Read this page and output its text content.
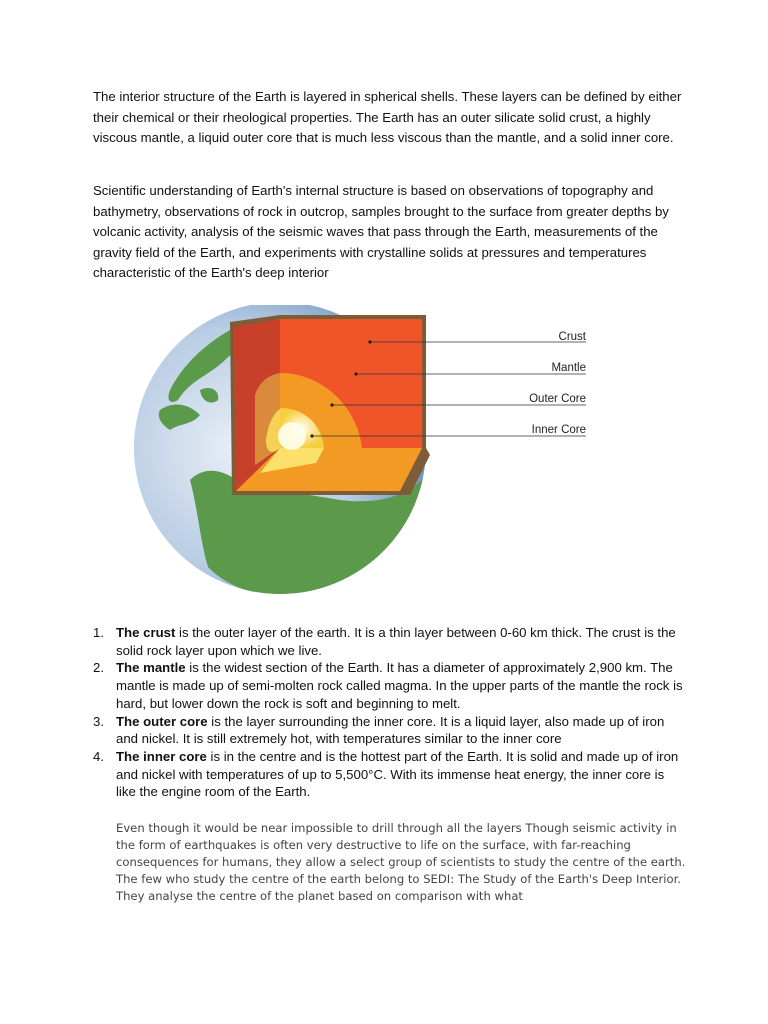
The interior structure of the Earth is layered in spherical shells. These layers can be defined by either their chemical or their rheological properties. The Earth has an outer silicate solid crust, a highly viscous mantle, a liquid outer core that is much less viscous than the mantle, and a solid inner core.

Scientific understanding of Earth's internal structure is based on observations of topography and bathymetry, observations of rock in outcrop, samples brought to the surface from greater depths by volcanic activity, analysis of the seismic waves that pass through the Earth, measurements of the gravity field of the Earth, and experiments with crystalline solids at pressures and temperatures characteristic of the Earth's deep interior

Crust
Mantle
Outer Core
Inner Core
1. The crust is the outer layer of the earth. It is a thin layer between 0-60 km thick. The crust is the solid rock layer upon which we live.
2. The mantle is the widest section of the Earth. It has a diameter of approximately 2,900 km. The mantle is made up of semi-molten rock called magma. In the upper parts of the mantle the rock is hard, but lower down the rock is soft and beginning to melt.
3. The outer core is the layer surrounding the inner core. It is a liquid layer, also made up of iron and nickel. It is still extremely hot, with temperatures similar to the inner core
4. The inner core is in the centre and is the hottest part of the Earth. It is solid and made up of iron and nickel with temperatures of up to 5,500°C. With its immense heat energy, the inner core is like the engine room of the Earth.

Even though it would be near impossible to drill through all the layers Though seismic activity in the form of earthquakes is often very destructive to life on the surface, with far-reaching consequences for humans, they allow a select group of scientists to study the centre of the earth.

The few who study the centre of the earth belong to SEDI: The Study of the Earth's Deep Interior. They analyse the centre of the planet based on comparison with what
